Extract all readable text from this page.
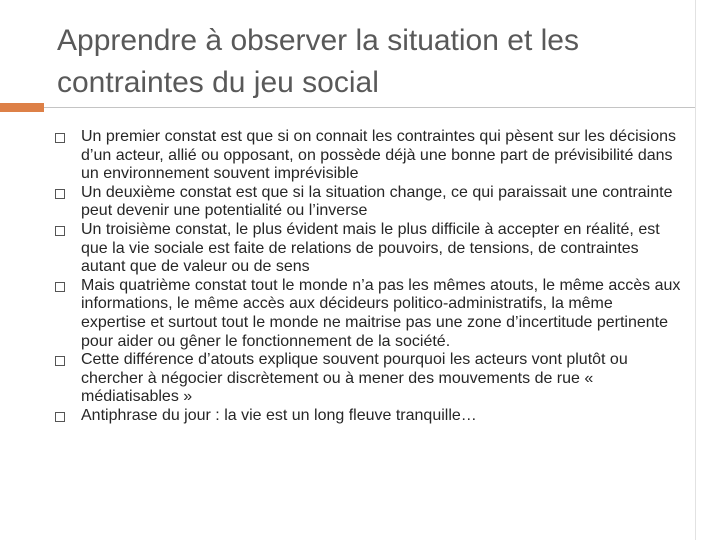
Apprendre à observer la situation et les contraintes du jeu social
Un premier constat est que si on connait les contraintes qui pèsent sur les décisions d’un acteur, allié ou opposant, on possède déjà une bonne part de prévisibilité dans un environnement souvent imprévisible
Un deuxième constat est que si la situation change, ce qui paraissait une contrainte peut devenir une potentialité ou l’inverse
Un troisième constat, le plus évident mais le plus difficile à accepter en réalité, est que la vie sociale est faite de relations de pouvoirs, de tensions, de contraintes autant que de valeur ou de sens
Mais quatrième constat tout le monde n’a pas les mêmes atouts, le même accès aux informations, le même accès aux décideurs politico-administratifs, la même expertise et surtout tout le monde ne maitrise pas une zone d’incertitude pertinente pour aider ou gêner le fonctionnement de la société.
Cette différence d’atouts explique souvent pourquoi les acteurs vont plutôt ou chercher à négocier discrètement ou à mener des mouvements de rue « médiatisables »
Antiphrase du jour : la vie est un long fleuve tranquille…
